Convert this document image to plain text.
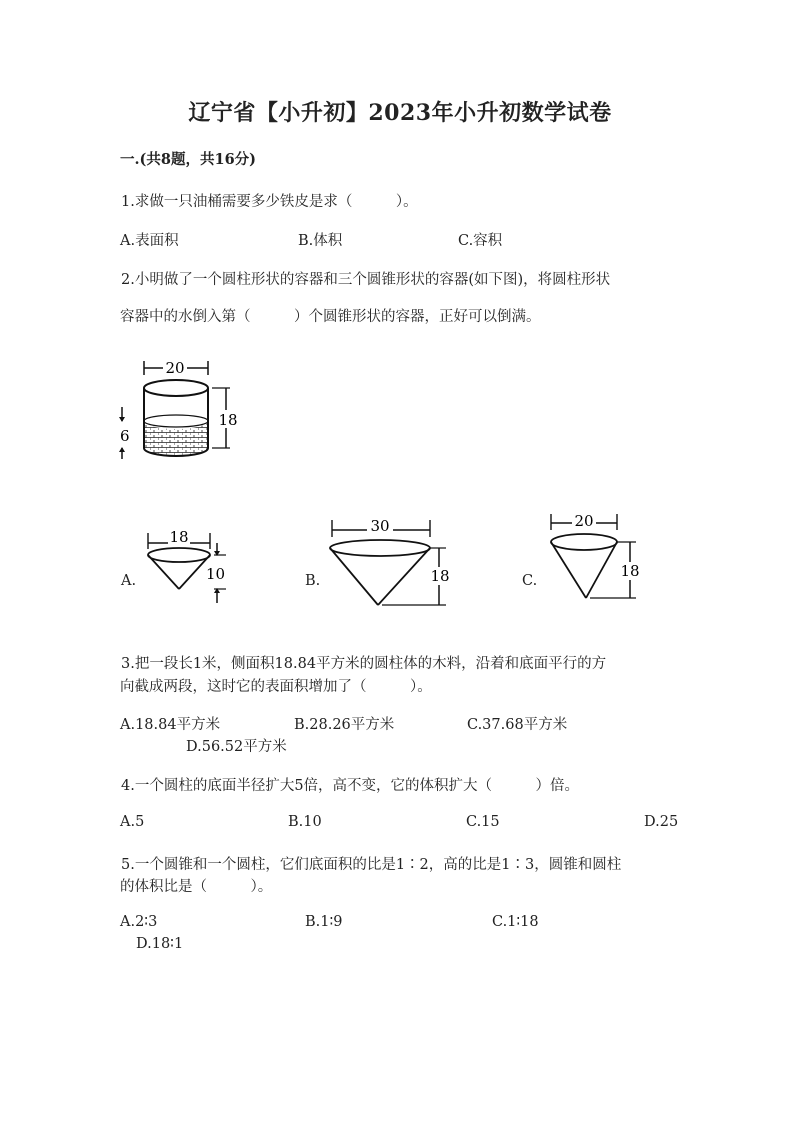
辽宁省【小升初】2023年小升初数学试卷
一.(共8题，共16分)
1.求做一只油桶需要多少铁皮是求（　　　）。
A.表面积	B.体积	C.容积
2.小明做了一个圆柱形状的容器和三个圆锥形状的容器(如下图)，将圆柱形状
容器中的水倒入第（　　　）个圆锥形状的容器，正好可以倒满。
20
18
6
A.
18
10	B.
30
18	C.
20
18
3.把一段长1米，侧面积18.84平方米的圆柱体的木料，沿着和底面平行的方
向截成两段，这时它的表面积增加了（　　　）。
A.18.84平方米	B.28.26平方米	C.37.68平方米
D.56.52平方米
4.一个圆柱的底面半径扩大5倍，高不变，它的体积扩大（　　　）倍。
A.5	B.10	C.15	D.25
5.一个圆锥和一个圆柱，它们底面积的比是1∶2，高的比是1∶3，圆锥和圆柱
的体积比是（　　　）。
A.2∶3	B.1∶9	C.1∶18
D.18∶1
